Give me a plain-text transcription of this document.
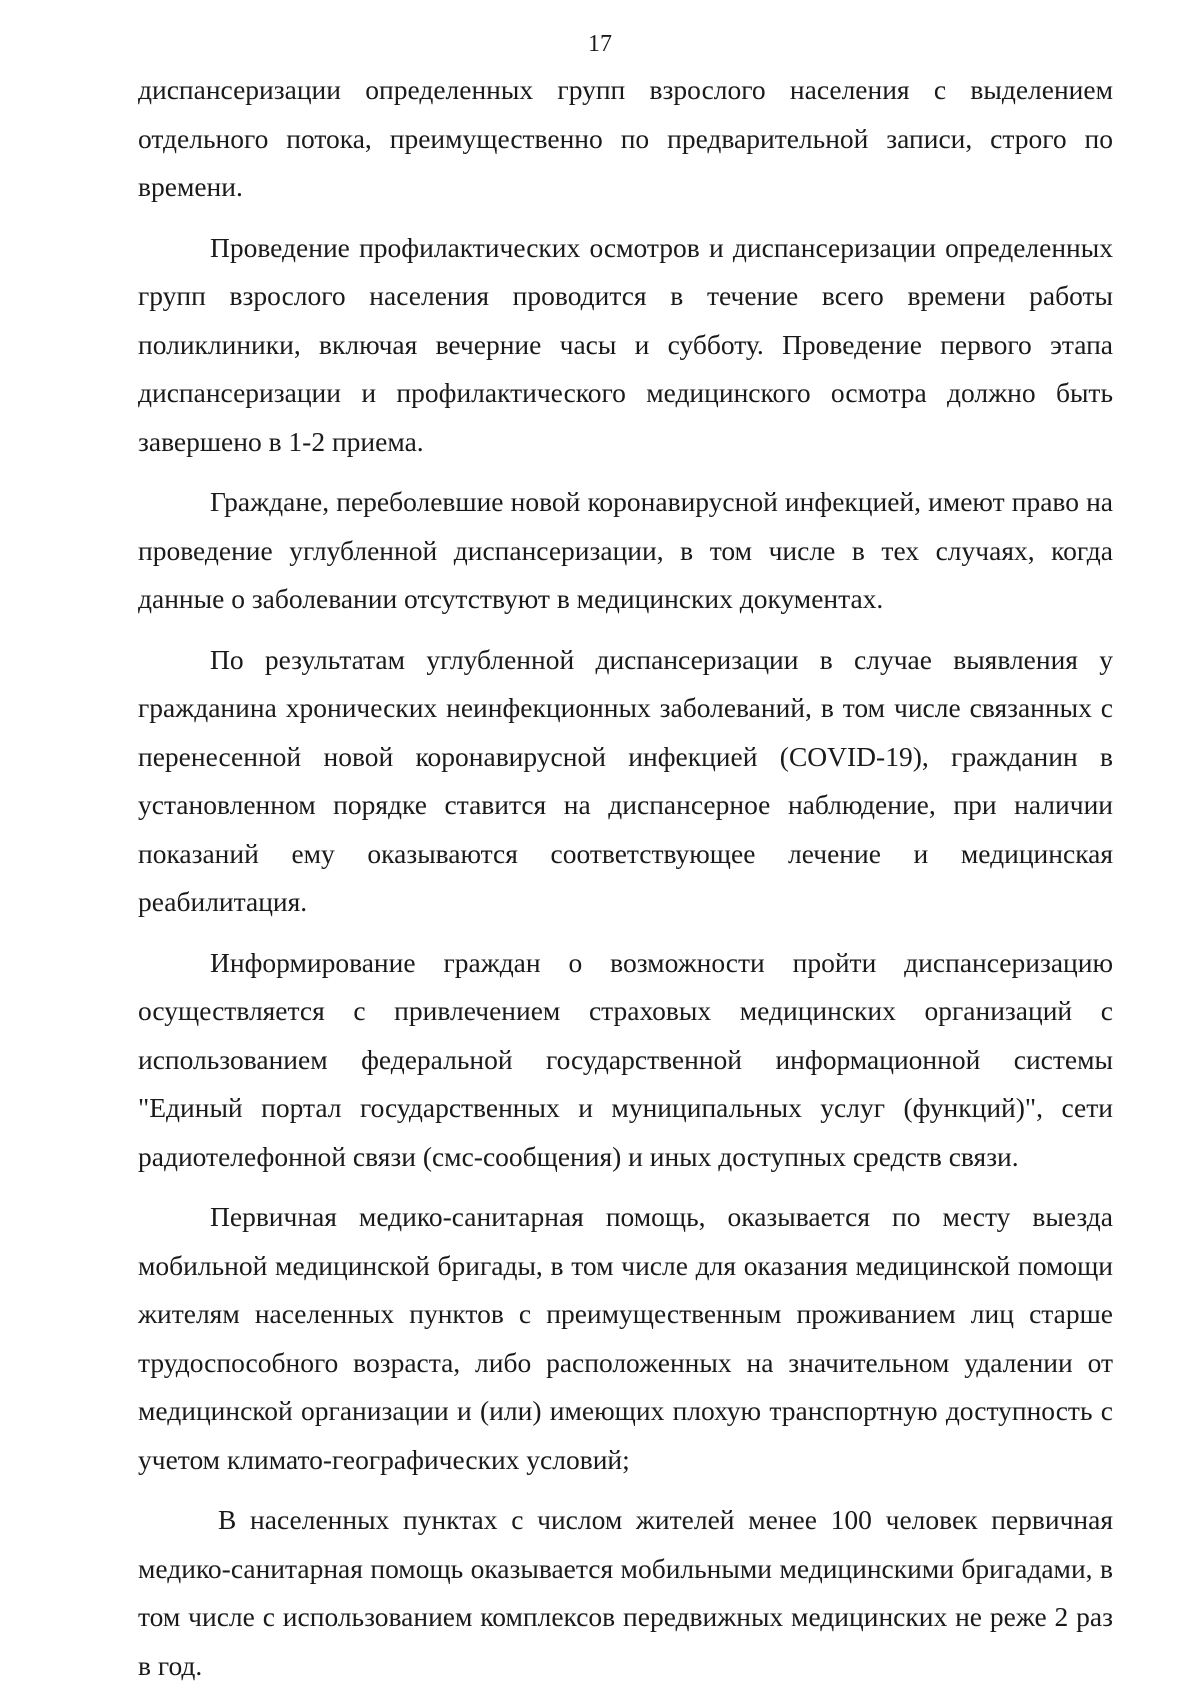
17

диспансеризации определенных групп взрослого населения с выделением отдельного потока, преимущественно по предварительной записи, строго по времени.

Проведение профилактических осмотров и диспансеризации определенных групп взрослого населения проводится в течение всего времени работы поликлиники, включая вечерние часы и субботу. Проведение первого этапа диспансеризации и профилактического медицинского осмотра должно быть завершено в 1-2 приема.

Граждане, переболевшие новой коронавирусной инфекцией, имеют право на проведение углубленной диспансеризации, в том числе в тех случаях, когда данные о заболевании отсутствуют в медицинских документах.

По результатам углубленной диспансеризации в случае выявления у гражданина хронических неинфекционных заболеваний, в том числе связанных с перенесенной новой коронавирусной инфекцией (COVID-19), гражданин в установленном порядке ставится на диспансерное наблюдение, при наличии показаний ему оказываются соответствующее лечение и медицинская реабилитация.

Информирование граждан о возможности пройти диспансеризацию осуществляется с привлечением страховых медицинских организаций с использованием федеральной государственной информационной системы "Единый портал государственных и муниципальных услуг (функций)", сети радиотелефонной связи (смс-сообщения) и иных доступных средств связи.

Первичная медико-санитарная помощь, оказывается по месту выезда мобильной медицинской бригады, в том числе для оказания медицинской помощи жителям населенных пунктов с преимущественным проживанием лиц старше трудоспособного возраста, либо расположенных на значительном удалении от медицинской организации и (или) имеющих плохую транспортную доступность с учетом климато-географических условий;

В населенных пунктах с числом жителей менее 100 человек первичная медико-санитарная помощь оказывается мобильными медицинскими бригадами, в том числе с использованием комплексов передвижных медицинских не реже 2 раз в год.
